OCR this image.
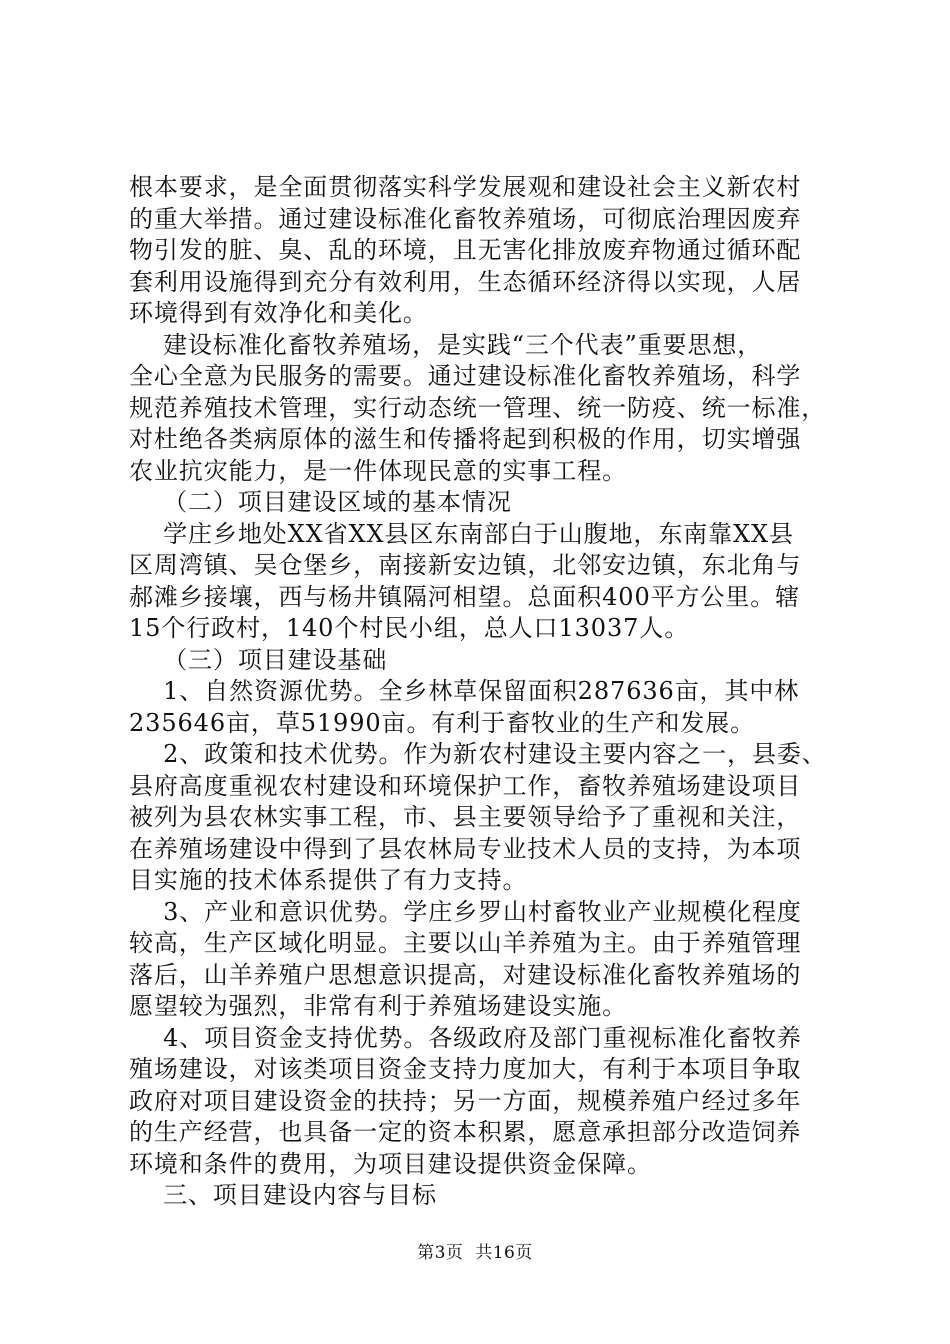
根本要求，是全面贯彻落实科学发展观和建设社会主义新农村
的重大举措。通过建设标准化畜牧养殖场，可彻底治理因废弃
物引发的脏、臭、乱的环境，且无害化排放废弃物通过循环配
套利用设施得到充分有效利用，生态循环经济得以实现，人居
环境得到有效净化和美化。
建设标准化畜牧养殖场，是实践“三个代表”重要思想，
全心全意为民服务的需要。通过建设标准化畜牧养殖场，科学
规范养殖技术管理，实行动态统一管理、统一防疫、统一标准，
对杜绝各类病原体的滋生和传播将起到积极的作用，切实增强
农业抗灾能力，是一件体现民意的实事工程。
（二）项目建设区域的基本情况
学庄乡地处XX省XX县区东南部白于山腹地，东南靠XX县
区周湾镇、吴仓堡乡，南接新安边镇，北邻安边镇，东北角与
郝滩乡接壤，西与杨井镇隔河相望。总面积400平方公里。辖
15个行政村，140个村民小组，总人口13037人。
（三）项目建设基础
1、自然资源优势。全乡林草保留面积287636亩，其中林
235646亩，草51990亩。有利于畜牧业的生产和发展。
2、政策和技术优势。作为新农村建设主要内容之一，县委、
县府高度重视农村建设和环境保护工作，畜牧养殖场建设项目
被列为县农林实事工程，市、县主要领导给予了重视和关注，
在养殖场建设中得到了县农林局专业技术人员的支持，为本项
目实施的技术体系提供了有力支持。
3、产业和意识优势。学庄乡罗山村畜牧业产业规模化程度
较高，生产区域化明显。主要以山羊养殖为主。由于养殖管理
落后，山羊养殖户思想意识提高，对建设标准化畜牧养殖场的
愿望较为强烈，非常有利于养殖场建设实施。
4、项目资金支持优势。各级政府及部门重视标准化畜牧养
殖场建设，对该类项目资金支持力度加大，有利于本项目争取
政府对项目建设资金的扶持；另一方面，规模养殖户经过多年
的生产经营，也具备一定的资本积累，愿意承担部分改造饲养
环境和条件的费用，为项目建设提供资金保障。
三、项目建设内容与目标
第3页  共16页
